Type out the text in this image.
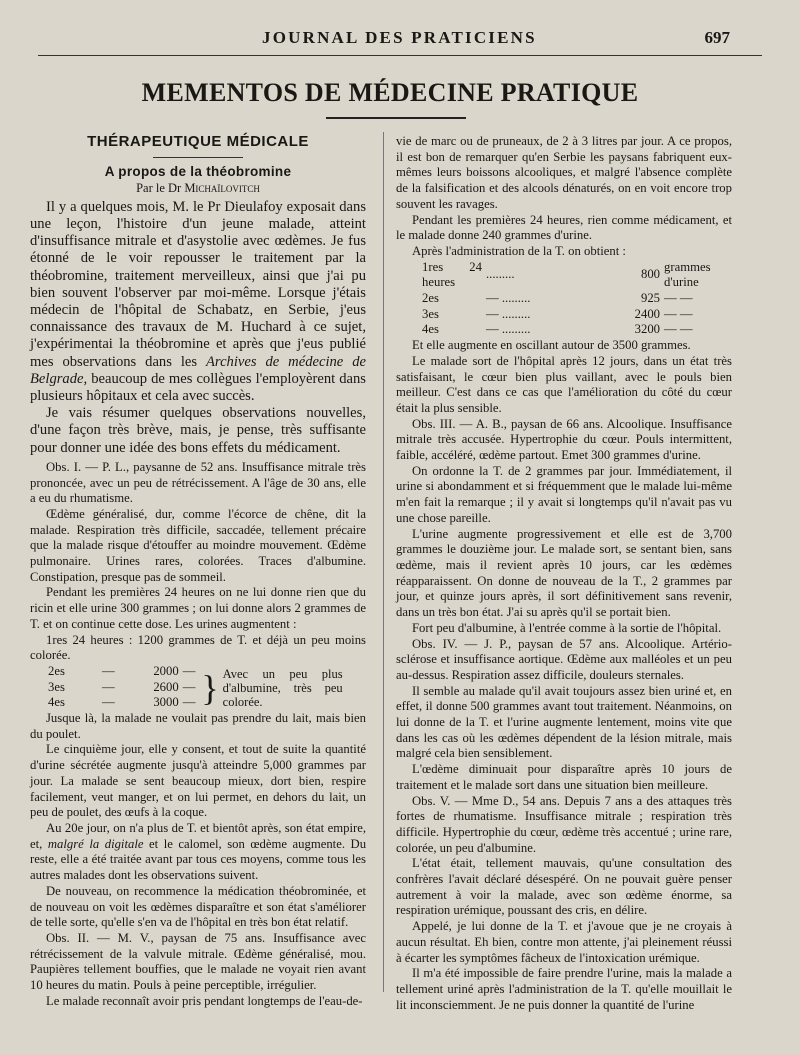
JOURNAL DES PRATICIENS	697
MEMENTOS DE MÉDECINE PRATIQUE
THÉRAPEUTIQUE MÉDICALE
A propos de la théobromine
Par le Dr Michaïlovitch

Il y a quelques mois, M. le Pr Dieulafoy exposait dans une leçon, l'histoire d'un jeune malade, atteint d'insuffisance mitrale et d'asystolie avec œdèmes. Je fus étonné de le voir repousser le traitement par la théobromine, traitement merveilleux, ainsi que j'ai pu bien souvent l'observer par moi-même. Lorsque j'étais médecin de l'hôpital de Schabatz, en Serbie, j'eus connaissance des travaux de M. Huchard à ce sujet, j'expérimentai la théobromine et après que j'eus publié mes observations dans les Archives de médecine de Belgrade, beaucoup de mes collègues l'employèrent dans plusieurs hôpitaux et cela avec succès.

Je vais résumer quelques observations nouvelles, d'une façon très brève, mais, je pense, très suffisante pour donner une idée des bons effets du médicament.

Obs. I. — P. L., paysanne de 52 ans. Insuffisance mitrale très prononcée, avec un peu de rétrécissement. A l'âge de 30 ans, elle a eu du rhumatisme.

Œdème généralisé, dur, comme l'écorce de chêne, dit la malade. Respiration très difficile, saccadée, tellement précaire que la malade risque d'étouffer au moindre mouvement. Œdème pulmonaire. Urines rares, colorées. Traces d'albumine. Constipation, presque pas de sommeil.

Pendant les premières 24 heures on ne lui donne rien que du ricin et elle urine 300 grammes ; on lui donne alors 2 grammes de T. et on continue cette dose. Les urines augmentent :

1res 24 heures : 1200 grammes de T. et déjà un peu moins colorée.

2es	—	2000	—
3es	—	2600	—
4es	—	3000	— } Avec un peu plus d'albumine, très peu colorée.

Jusque là, la malade ne voulait pas prendre du lait, mais bien du poulet.

Le cinquième jour, elle y consent, et tout de suite la quantité d'urine sécrétée augmente jusqu'à atteindre 5,000 grammes par jour. La malade se sent beaucoup mieux, dort bien, respire facilement, veut manger, et on lui permet, en dehors du lait, un peu de poulet, des œufs à la coque.

Au 20e jour, on n'a plus de T. et bientôt après, son état empire, et, malgré la digitale et le calomel, son œdème augmente. Du reste, elle a été traitée avant par tous ces moyens, comme tous les autres malades dont les observations suivent.

De nouveau, on recommence la médication théobrominée, et de nouveau on voit les œdèmes disparaître et son état s'améliorer de telle sorte, qu'elle s'en va de l'hôpital en très bon état relatif.

Obs. II. — M. V., paysan de 75 ans. Insuffisance avec rétrécissement de la valvule mitrale. Œdème généralisé, mou. Paupières tellement bouffies, que le malade ne voyait rien avant 10 heures du matin. Pouls à peine perceptible, irrégulier.

Le malade reconnaît avoir pris pendant longtemps de l'eau-de-

vie de marc ou de pruneaux, de 2 à 3 litres par jour. A ce propos, il est bon de remarquer qu'en Serbie les paysans fabriquent eux-mêmes leurs boissons alcooliques, et malgré l'absence complète de la falsification et des alcools dénaturés, on en voit encore trop souvent les ravages.

Pendant les premières 24 heures, rien comme médicament, et le malade donne 240 grammes d'urine.

Après l'administration de la T. on obtient :

1res 24 heures	.........	800	grammes d'urine
2es	— .........	925	— —
3es	— .........	2400	— —
4es	— .........	3200	— —

Et elle augmente en oscillant autour de 3500 grammes.

Le malade sort de l'hôpital après 12 jours, dans un état très satisfaisant, le cœur bien plus vaillant, avec le pouls bien meilleur. C'est dans ce cas que l'amélioration du côté du cœur était la plus sensible.

Obs. III. — A. B., paysan de 66 ans. Alcoolique. Insuffisance mitrale très accusée. Hypertrophie du cœur. Pouls intermittent, faible, accéléré, œdème partout. Emet 300 grammes d'urine.

On ordonne la T. de 2 grammes par jour. Immédiatement, il urine si abondamment et si fréquemment que le malade lui-même m'en fait la remarque ; il y avait si longtemps qu'il n'avait pas vu une chose pareille.

L'urine augmente progressivement et elle est de 3,700 grammes le douzième jour. Le malade sort, se sentant bien, sans œdème, mais il revient après 10 jours, car les œdèmes réapparaissent. On donne de nouveau de la T., 2 grammes par jour, et quinze jours après, il sort définitivement sans revenir, dans un très bon état. J'ai su après qu'il se portait bien.

Fort peu d'albumine, à l'entrée comme à la sortie de l'hôpital.

Obs. IV. — J. P., paysan de 57 ans. Alcoolique. Artério-sclérose et insuffisance aortique. Œdème aux malléoles et un peu au-dessus. Respiration assez difficile, douleurs sternales.

Il semble au malade qu'il avait toujours assez bien uriné et, en effet, il donne 500 grammes avant tout traitement. Néanmoins, on lui donne de la T. et l'urine augmente lentement, moins vite que dans les cas où les œdèmes dépendent de la lésion mitrale, mais malgré cela bien sensiblement.

L'œdème diminuait pour disparaître après 10 jours de traitement et le malade sort dans une situation bien meilleure.

Obs. V. — Mme D., 54 ans. Depuis 7 ans a des attaques très fortes de rhumatisme. Insuffisance mitrale ; respiration très difficile. Hypertrophie du cœur, œdème très accentué ; urine rare, colorée, un peu d'albumine.

L'état était, tellement mauvais, qu'une consultation des confrères l'avait déclaré désespéré. On ne pouvait guère penser autrement à voir la malade, avec son œdème énorme, sa respiration urémique, poussant des cris, en délire.

Appelé, je lui donne de la T. et j'avoue que je ne croyais à aucun résultat. Eh bien, contre mon attente, j'ai pleinement réussi à écarter les symptômes fâcheux de l'intoxication urémique.

Il m'a été impossible de faire prendre l'urine, mais la malade a tellement uriné après l'administration de la T. qu'elle mouillait le lit inconsciemment. Je ne puis donner la quantité de l'urine
